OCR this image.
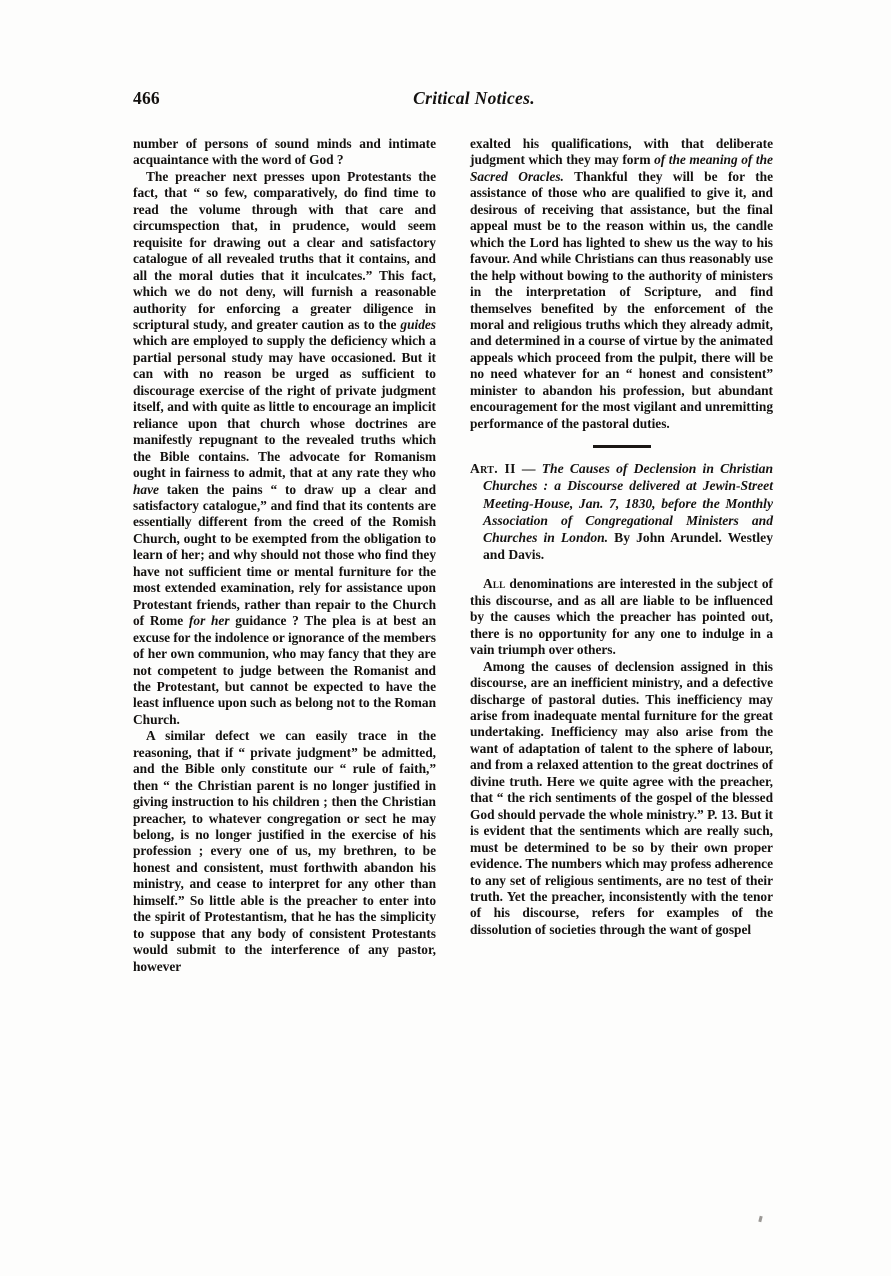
466	Critical Notices.

number of persons of sound minds and intimate acquaintance with the word of God ?

The preacher next presses upon Protestants the fact, that “ so few, comparatively, do find time to read the volume through with that care and circumspection that, in prudence, would seem requisite for drawing out a clear and satisfactory catalogue of all revealed truths that it contains, and all the moral duties that it inculcates.” This fact, which we do not deny, will furnish a reasonable authority for enforcing a greater diligence in scriptural study, and greater caution as to the guides which are employed to supply the deficiency which a partial personal study may have occasioned. But it can with no reason be urged as sufficient to discourage exercise of the right of private judgment itself, and with quite as little to encourage an implicit reliance upon that church whose doctrines are manifestly repugnant to the revealed truths which the Bible contains. The advocate for Romanism ought in fairness to admit, that at any rate they who have taken the pains “ to draw up a clear and satisfactory catalogue,” and find that its contents are essentially different from the creed of the Romish Church, ought to be exempted from the obligation to learn of her; and why should not those who find they have not sufficient time or mental furniture for the most extended examination, rely for assistance upon Protestant friends, rather than repair to the Church of Rome for her guidance ? The plea is at best an excuse for the indolence or ignorance of the members of her own communion, who may fancy that they are not competent to judge between the Romanist and the Protestant, but cannot be expected to have the least influence upon such as belong not to the Roman Church.

A similar defect we can easily trace in the reasoning, that if “ private judgment” be admitted, and the Bible only constitute our “ rule of faith,” then “ the Christian parent is no longer justified in giving instruction to his children ; then the Christian preacher, to whatever congregation or sect he may belong, is no longer justified in the exercise of his profession ; every one of us, my brethren, to be honest and consistent, must forthwith abandon his ministry, and cease to interpret for any other than himself.” So little able is the preacher to enter into the spirit of Protestantism, that he has the simplicity to suppose that any body of consistent Protestants would submit to the interference of any pastor, however

exalted his qualifications, with that deliberate judgment which they may form of the meaning of the Sacred Oracles. Thankful they will be for the assistance of those who are qualified to give it, and desirous of receiving that assistance, but the final appeal must be to the reason within us, the candle which the Lord has lighted to shew us the way to his favour. And while Christians can thus reasonably use the help without bowing to the authority of ministers in the interpretation of Scripture, and find themselves benefited by the enforcement of the moral and religious truths which they already admit, and determined in a course of virtue by the animated appeals which proceed from the pulpit, there will be no need whatever for an “ honest and consistent” minister to abandon his profession, but abundant encouragement for the most vigilant and unremitting performance of the pastoral duties.

Art. II — The Causes of Declension in Christian Churches : a Discourse delivered at Jewin-Street Meeting-House, Jan. 7, 1830, before the Monthly Association of Congregational Ministers and Churches in London. By John Arundel. Westley and Davis.

All denominations are interested in the subject of this discourse, and as all are liable to be influenced by the causes which the preacher has pointed out, there is no opportunity for any one to indulge in a vain triumph over others.

Among the causes of declension assigned in this discourse, are an inefficient ministry, and a defective discharge of pastoral duties. This inefficiency may arise from inadequate mental furniture for the great undertaking. Inefficiency may also arise from the want of adaptation of talent to the sphere of labour, and from a relaxed attention to the great doctrines of divine truth. Here we quite agree with the preacher, that “ the rich sentiments of the gospel of the blessed God should pervade the whole ministry.” P. 13. But it is evident that the sentiments which are really such, must be determined to be so by their own proper evidence. The numbers which may profess adherence to any set of religious sentiments, are no test of their truth. Yet the preacher, inconsistently with the tenor of his discourse, refers for examples of the dissolution of societies through the want of gospel
